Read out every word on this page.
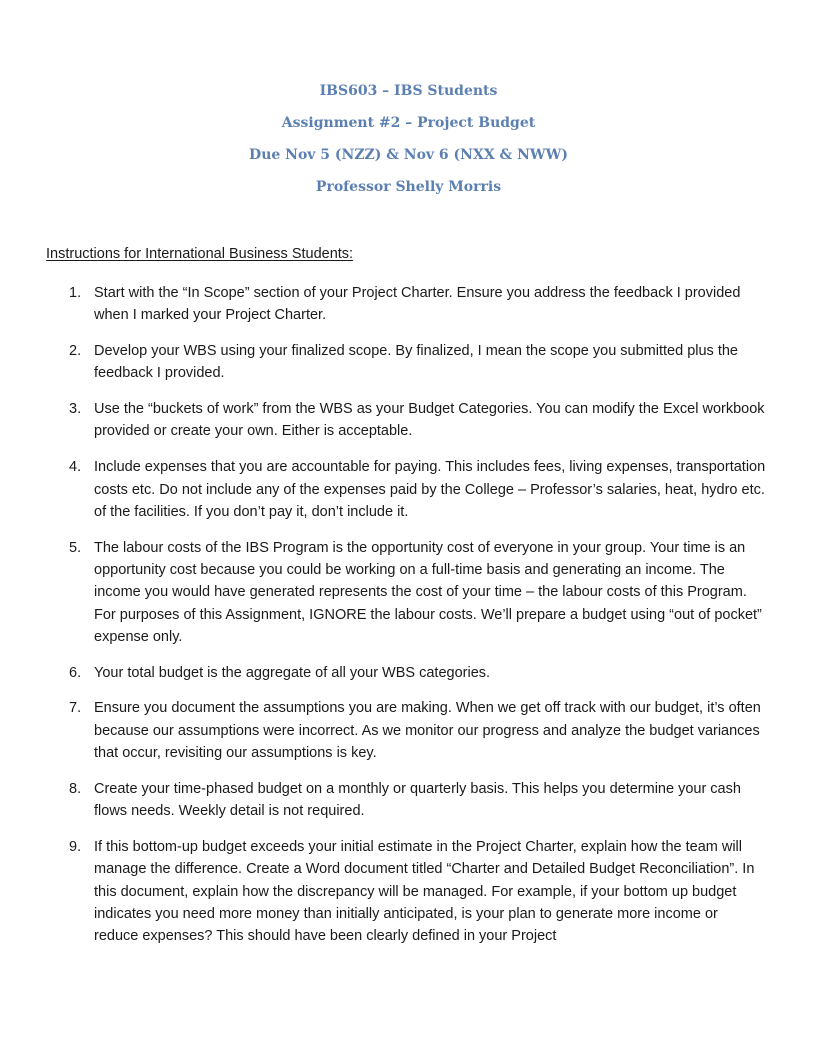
IBS603 – IBS Students
Assignment #2 – Project Budget
Due Nov 5 (NZZ) & Nov 6 (NXX & NWW)
Professor Shelly Morris
Instructions for International Business Students:
1. Start with the “In Scope” section of your Project Charter. Ensure you address the feedback I provided when I marked your Project Charter.
2. Develop your WBS using your finalized scope. By finalized, I mean the scope you submitted plus the feedback I provided.
3. Use the “buckets of work” from the WBS as your Budget Categories. You can modify the Excel workbook provided or create your own. Either is acceptable.
4. Include expenses that you are accountable for paying. This includes fees, living expenses, transportation costs etc. Do not include any of the expenses paid by the College – Professor’s salaries, heat, hydro etc. of the facilities. If you don’t pay it, don’t include it.
5. The labour costs of the IBS Program is the opportunity cost of everyone in your group. Your time is an opportunity cost because you could be working on a full-time basis and generating an income. The income you would have generated represents the cost of your time – the labour costs of this Program. For purposes of this Assignment, IGNORE the labour costs. We’ll prepare a budget using “out of pocket” expense only.
6. Your total budget is the aggregate of all your WBS categories.
7. Ensure you document the assumptions you are making. When we get off track with our budget, it’s often because our assumptions were incorrect. As we monitor our progress and analyze the budget variances that occur, revisiting our assumptions is key.
8. Create your time-phased budget on a monthly or quarterly basis. This helps you determine your cash flows needs. Weekly detail is not required.
9. If this bottom-up budget exceeds your initial estimate in the Project Charter, explain how the team will manage the difference. Create a Word document titled “Charter and Detailed Budget Reconciliation”. In this document, explain how the discrepancy will be managed. For example, if your bottom up budget indicates you need more money than initially anticipated, is your plan to generate more income or reduce expenses? This should have been clearly defined in your Project
